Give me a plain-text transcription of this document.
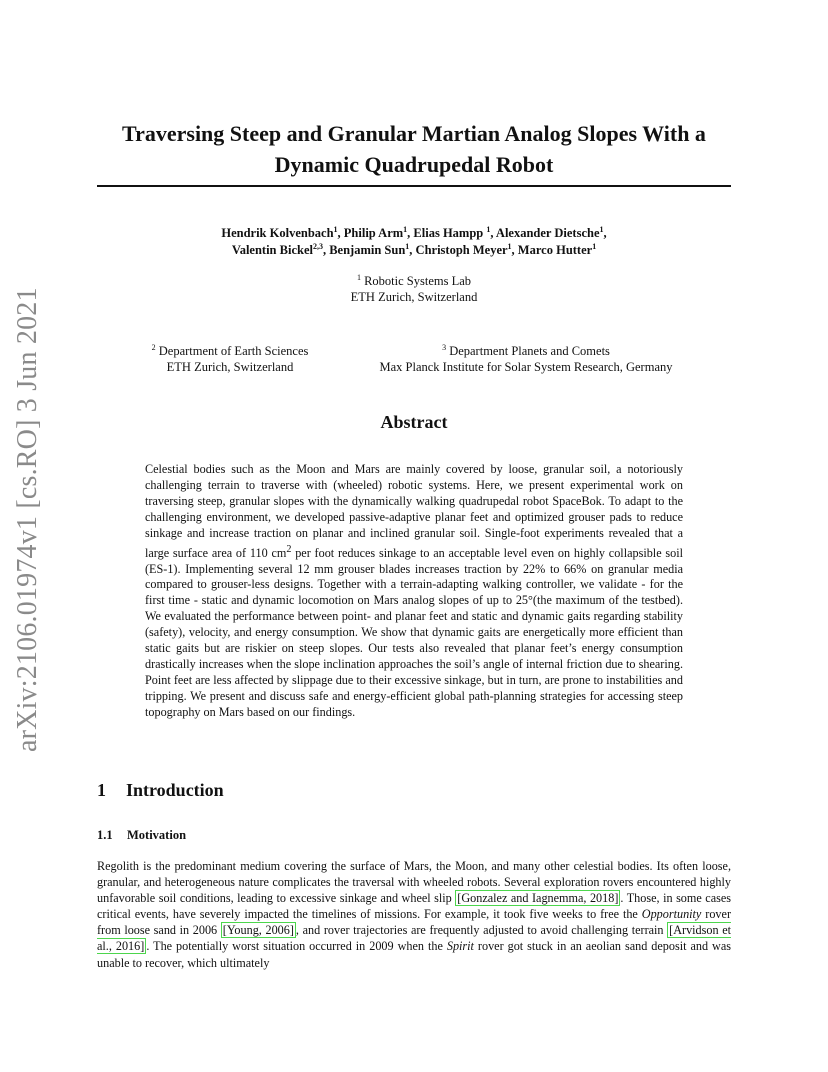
arXiv:2106.01974v1 [cs.RO] 3 Jun 2021
Traversing Steep and Granular Martian Analog Slopes With a
Dynamic Quadrupedal Robot
Hendrik Kolvenbach$^1$, Philip Arm$^1$, Elias Hampp $^1$, Alexander Dietsche$^1$,
Valentin Bickel$^{2,3}$, Benjamin Sun$^1$, Christoph Meyer$^1$, Marco Hutter$^1$
$^1$ Robotic Systems Lab
ETH Zurich, Switzerland
$^2$ Department of Earth Sciences
ETH Zurich, Switzerland
$^3$ Department Planets and Comets
Max Planck Institute for Solar System Research, Germany
Abstract

Celestial bodies such as the Moon and Mars are mainly covered by loose, granular soil, a notoriously challenging terrain to traverse with (wheeled) robotic systems. Here, we present experimental work on traversing steep, granular slopes with the dynamically walking quadrupedal robot SpaceBok. To adapt to the challenging environment, we developed passive-adaptive planar feet and optimized grouser pads to reduce sinkage and increase traction on planar and inclined granular soil. Single-foot experiments revealed that a large surface area of 110 $cm^2$ per foot reduces sinkage to an acceptable level even on highly collapsible soil (ES-1). Implementing several 12 mm grouser blades increases traction by 22% to 66% on granular media compared to grouser-less designs. Together with a terrain-adapting walking controller, we validate - for the first time - static and dynamic locomotion on Mars analog slopes of up to 25°(the maximum of the testbed). We evaluated the performance between point- and planar feet and static and dynamic gaits regarding stability (safety), velocity, and energy consumption. We show that dynamic gaits are energetically more efficient than static gaits but are riskier on steep slopes. Our tests also revealed that planar feet’s energy consumption drastically increases when the slope inclination approaches the soil’s angle of internal friction due to shearing. Point feet are less affected by slippage due to their excessive sinkage, but in turn, are prone to instabilities and tripping. We present and discuss safe and energy-efficient global path-planning strategies for accessing steep topography on Mars based on our findings.

1 Introduction
1.1 Motivation

Regolith is the predominant medium covering the surface of Mars, the Moon, and many other celestial bodies. Its often loose, granular, and heterogeneous nature complicates the traversal with wheeled robots. Several exploration rovers encountered highly unfavorable soil conditions, leading to excessive sinkage and wheel slip [Gonzalez and Iagnemma, 2018] . Those, in some cases critical events, have severely impacted the timelines of missions. For example, it took five weeks to free the Opportunity rover from loose sand in 2006 [Young, 2006] , and rover trajectories are frequently adjusted to avoid challenging terrain [Arvidson et al., 2016] . The potentially worst situation occurred in 2009 when the Spirit rover got stuck in an aeolian sand deposit and was unable to recover, which ultimately
